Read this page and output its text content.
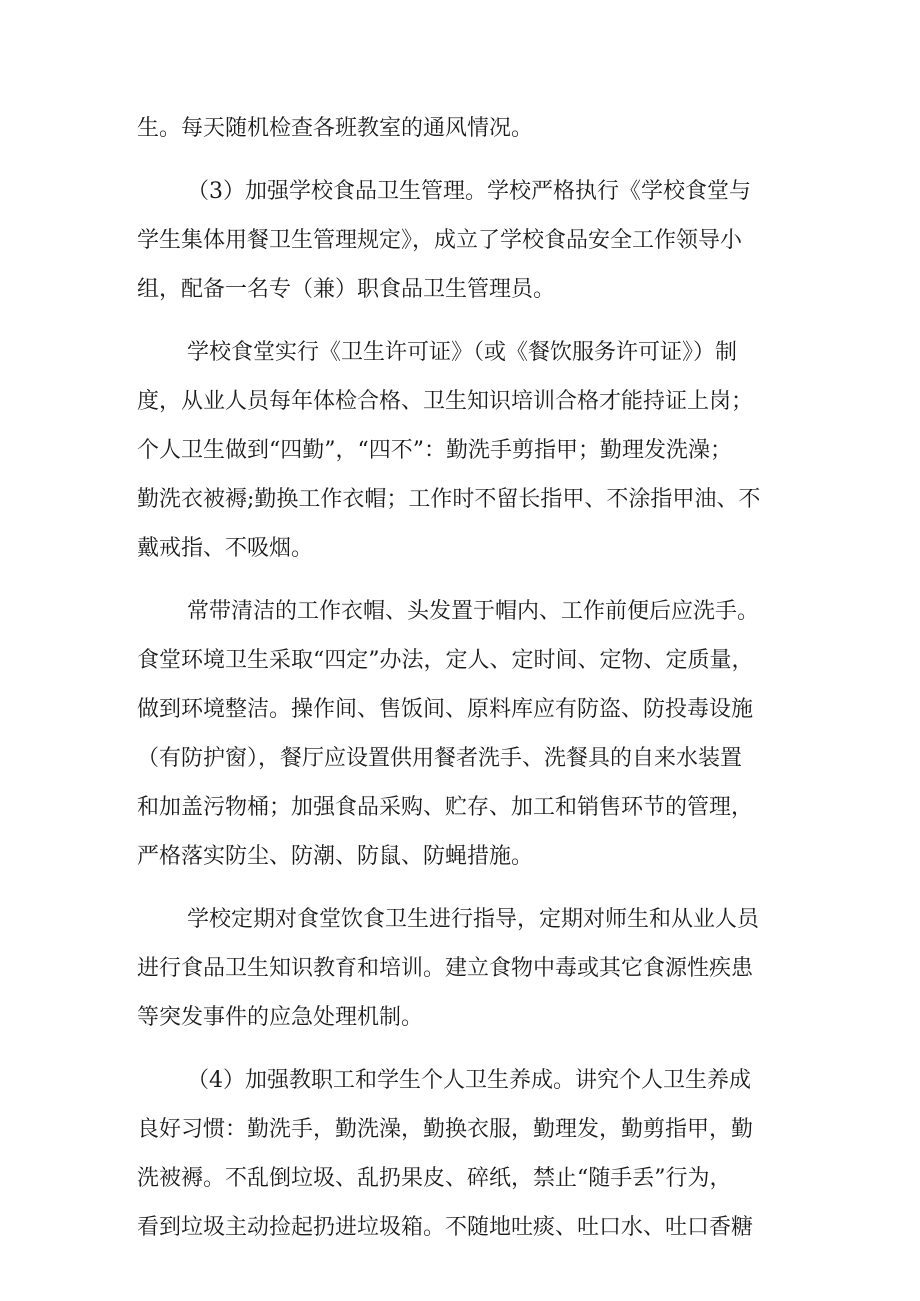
生。每天随机检查各班教室的通风情况。
（3）加强学校食品卫生管理。学校严格执行《学校食堂与
学生集体用餐卫生管理规定》，成立了学校食品安全工作领导小
组，配备一名专（兼）职食品卫生管理员。
学校食堂实行《卫生许可证》（或《餐饮服务许可证》）制
度，从业人员每年体检合格、卫生知识培训合格才能持证上岗；
个人卫生做到“四勤”，“四不”：勤洗手剪指甲；勤理发洗澡；
勤洗衣被褥;勤换工作衣帽；工作时不留长指甲、不涂指甲油、不
戴戒指、不吸烟。
常带清洁的工作衣帽、头发置于帽内、工作前便后应洗手。
食堂环境卫生采取“四定”办法，定人、定时间、定物、定质量，
做到环境整洁。操作间、售饭间、原料库应有防盗、防投毒设施
（有防护窗），餐厅应设置供用餐者洗手、洗餐具的自来水装置
和加盖污物桶；加强食品采购、贮存、加工和销售环节的管理，
严格落实防尘、防潮、防鼠、防蝇措施。
学校定期对食堂饮食卫生进行指导，定期对师生和从业人员
进行食品卫生知识教育和培训。建立食物中毒或其它食源性疾患
等突发事件的应急处理机制。
（4）加强教职工和学生个人卫生养成。讲究个人卫生养成
良好习惯：勤洗手，勤洗澡，勤换衣服，勤理发，勤剪指甲，勤
洗被褥。不乱倒垃圾、乱扔果皮、碎纸，禁止“随手丢”行为，
看到垃圾主动捡起扔进垃圾箱。不随地吐痰、吐口水、吐口香糖
